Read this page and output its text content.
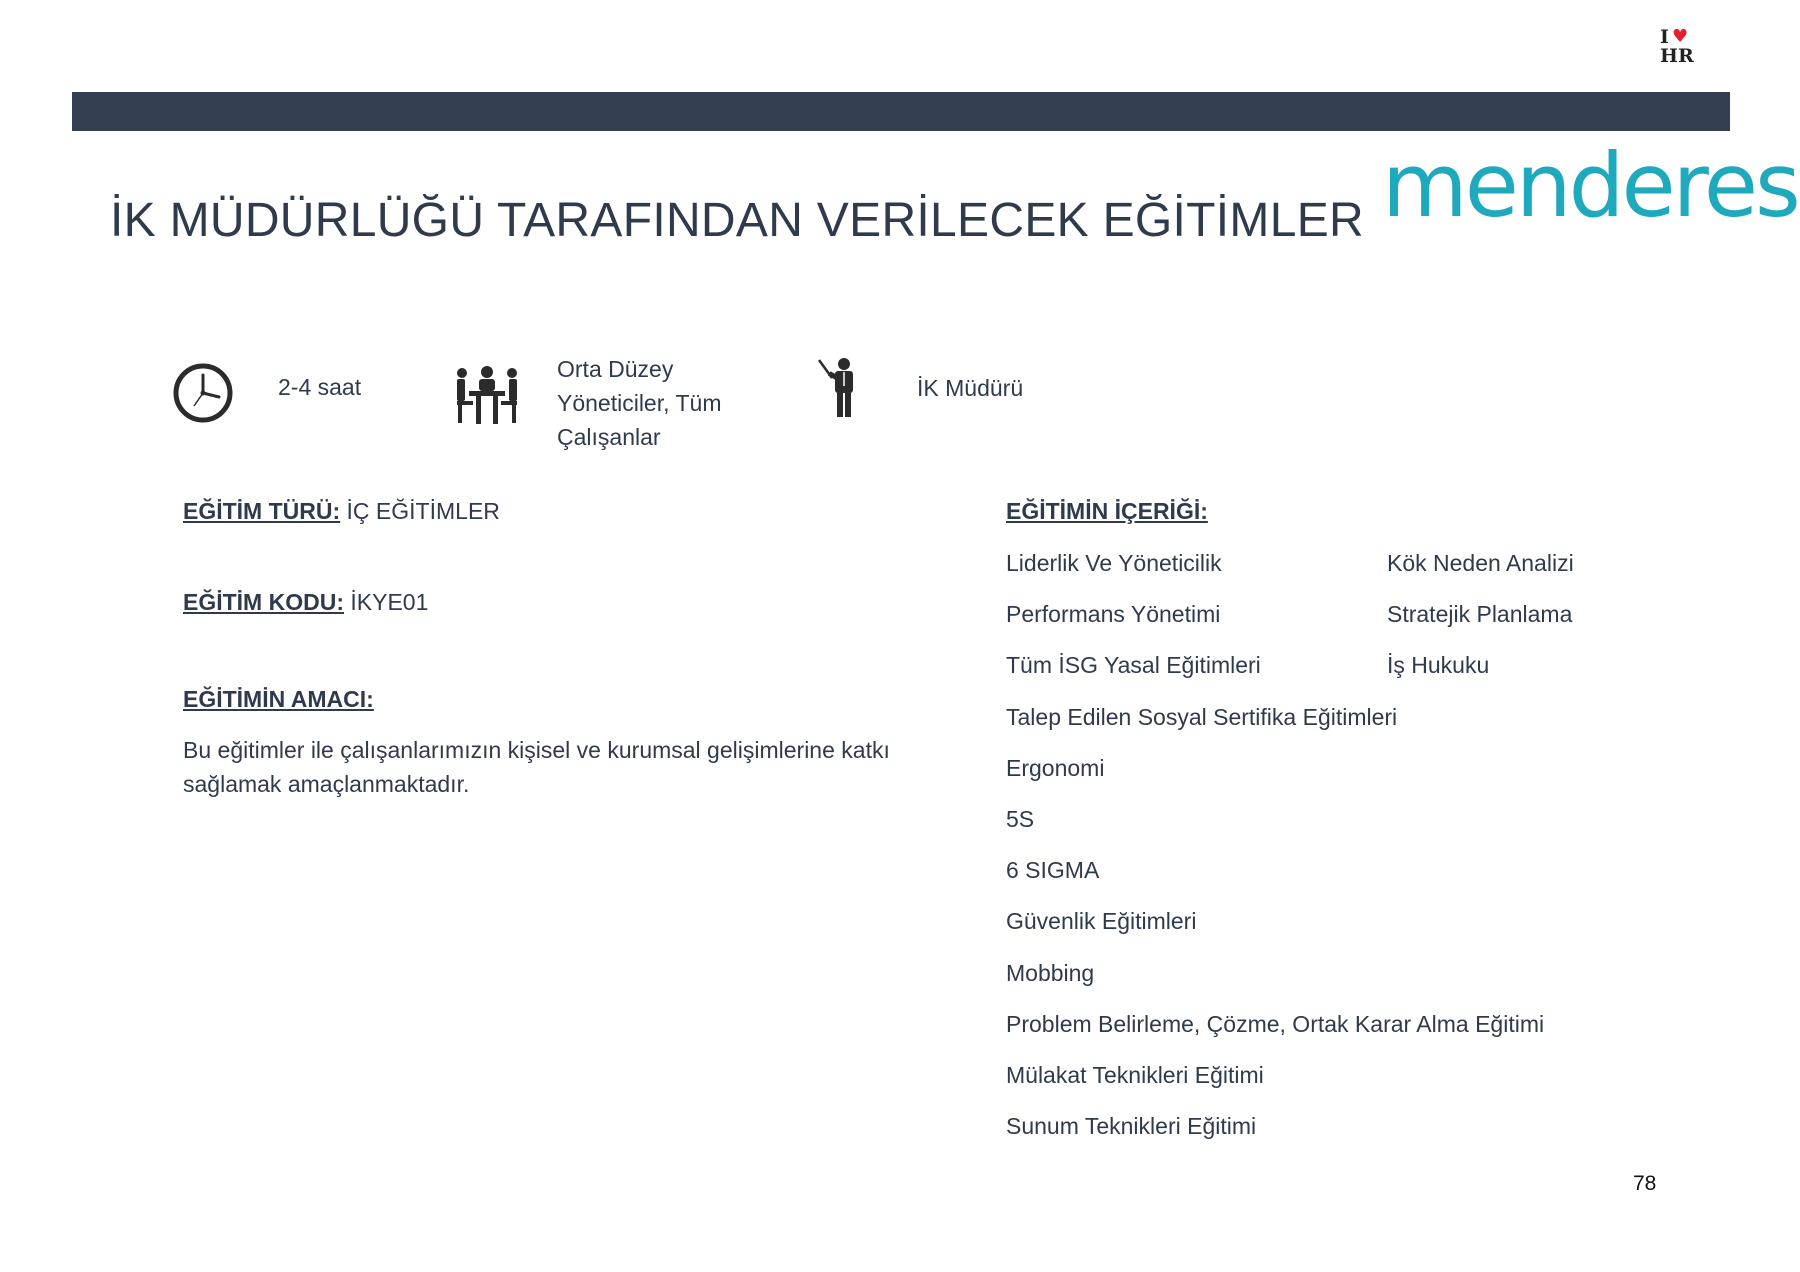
I ♥
HR
İK MÜDÜRLÜĞÜ TARAFINDAN VERİLECEK EĞİTİMLER menderes
2-4 saat
Orta Düzey
Yöneticiler, Tüm
Çalışanlar
İK Müdürü
EĞİTİM TÜRÜ: İÇ EĞİTİMLER
EĞİTİM KODU: İKYE01
EĞİTİMİN AMACI:
Bu eğitimler ile çalışanlarımızın kişisel ve kurumsal gelişimlerine katkı
sağlamak amaçlanmaktadır.
EĞİTİMİN İÇERİĞİ:
Liderlik Ve Yöneticilik
Performans Yönetimi
Tüm İSG Yasal Eğitimleri
Talep Edilen Sosyal Sertifika Eğitimleri
Ergonomi
5S
6 SIGMA
Güvenlik Eğitimleri
Mobbing
Problem Belirleme, Çözme, Ortak Karar Alma Eğitimi
Mülakat Teknikleri Eğitimi
Sunum Teknikleri Eğitimi
Kök Neden Analizi
Stratejik Planlama
İş Hukuku
78
